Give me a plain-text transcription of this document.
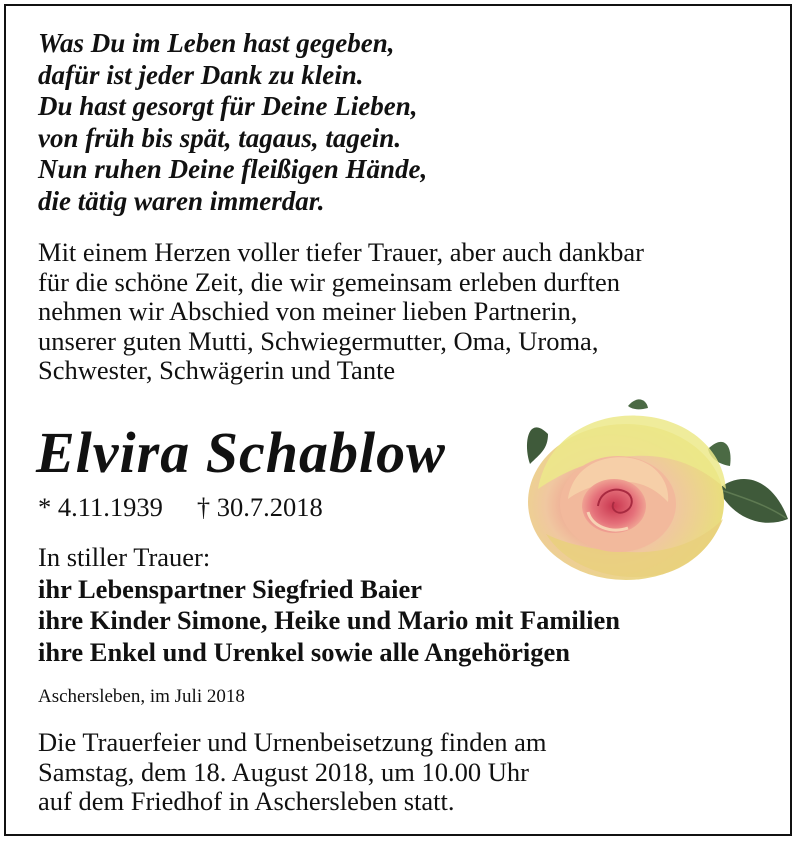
Was Du im Leben hast gegeben,
dafür ist jeder Dank zu klein.
Du hast gesorgt für Deine Lieben,
von früh bis spät, tagaus, tagein.
Nun ruhen Deine fleißigen Hände,
die tätig waren immerdar.
Mit einem Herzen voller tiefer Trauer, aber auch dankbar
für die schöne Zeit, die wir gemeinsam erleben durften
nehmen wir Abschied von meiner lieben Partnerin,
unserer guten Mutti, Schwiegermutter, Oma, Uroma,
Schwester, Schwägerin und Tante
Elvira Schablow
* 4.11.1939 † 30.7.2018
In stiller Trauer:
ihr Lebenspartner Siegfried Baier
ihre Kinder Simone, Heike und Mario mit Familien
ihre Enkel und Urenkel sowie alle Angehörigen
Aschersleben, im Juli 2018
Die Trauerfeier und Urnenbeisetzung finden am
Samstag, dem 18. August 2018, um 10.00 Uhr
auf dem Friedhof in Aschersleben statt.
